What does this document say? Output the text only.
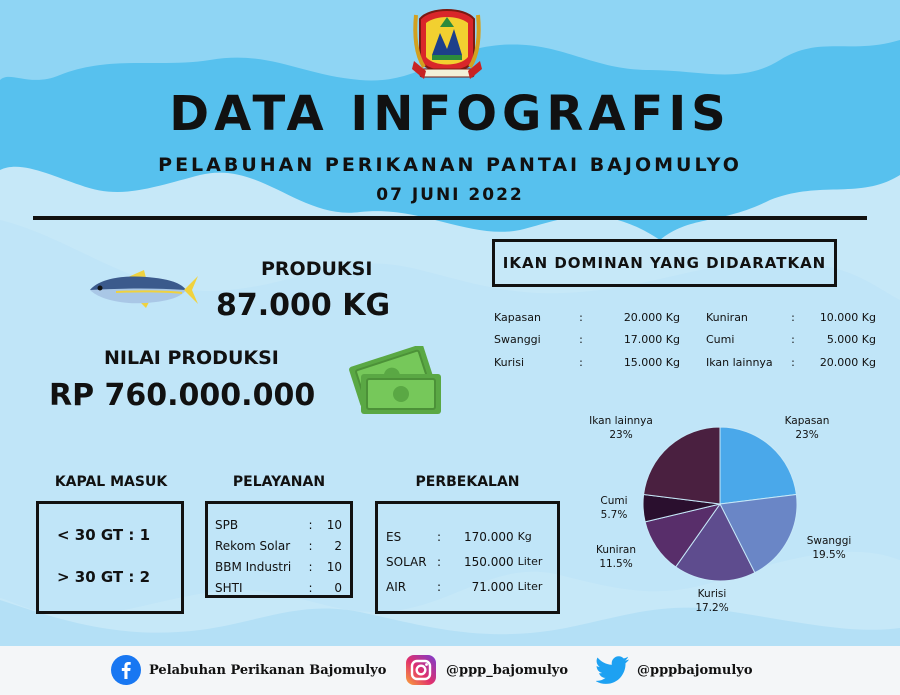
DATA INFOGRAFIS
PELABUHAN PERIKANAN PANTAI BAJOMULYO
07 JUNI 2022
PRODUKSI
87.000 KG
NILAI PRODUKSI
RP 760.000.000
IKAN DOMINAN YANG DIDARATKAN
Kapasan	:	20.000 Kg
Swanggi	:	17.000 Kg
Kurisi	:	15.000 Kg
Kuniran	:	10.000 Kg
Cumi	:	5.000 Kg
Ikan lainnya	:	20.000 Kg
KAPAL MASUK
< 30 GT : 1
> 30 GT : 2
PELAYANAN
SPB	:	10
Rekom Solar	:	2
BBM Industri	:	10
SHTI	:	0
PERBEKALAN
ES	:	170.000 Kg
SOLAR :	150.000 Liter
AIR	:	71.000 Liter
Kapasan
23%
Swanggi
19.5%
Kurisi
17.2%
Kuniran
11.5%
Cumi
5.7%
Ikan lainnya
23%
Pelabuhan Perikanan Bajomulyo	@ppp_bajomulyo	@pppbajomulyo
